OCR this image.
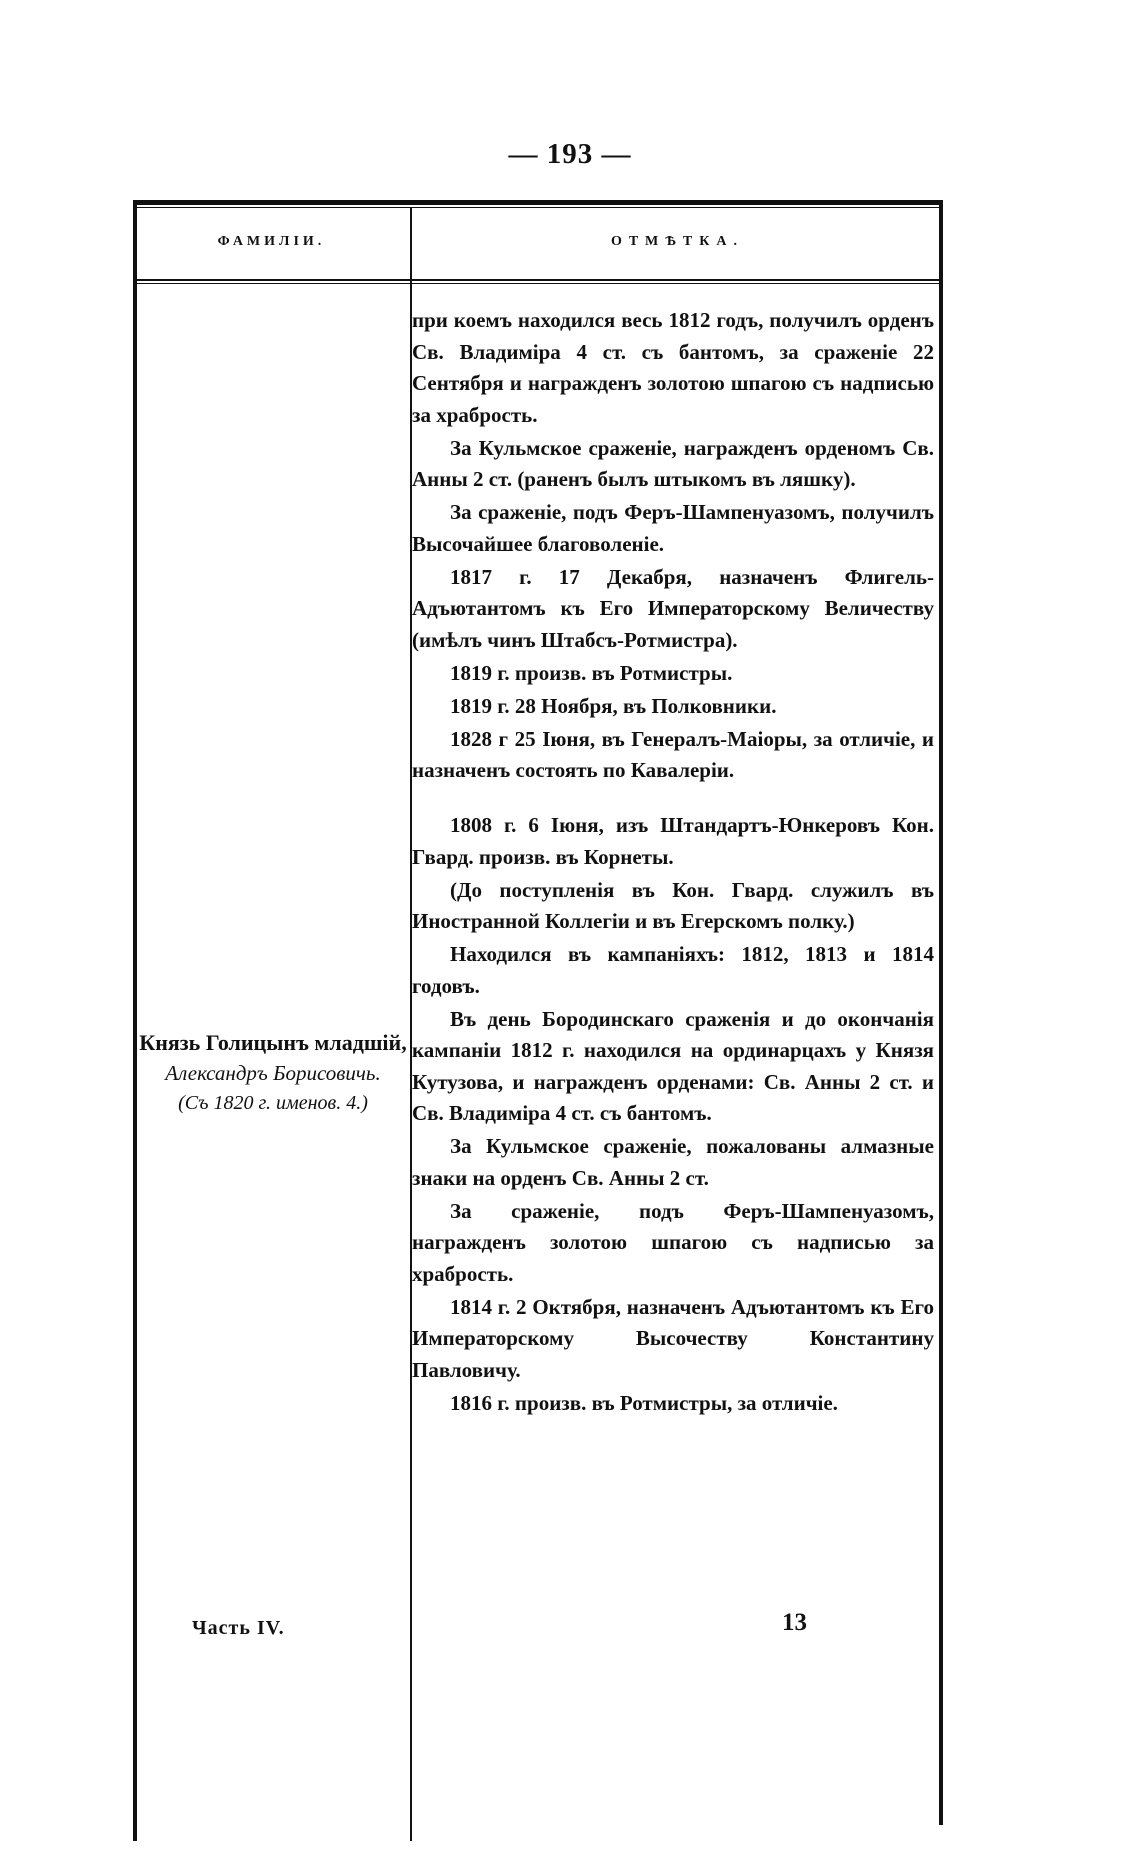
— 193 —
ФАМИЛІИ.	ОТМѢТКА.
Князь Голицынъ младшій,
Александръ Борисовичь.
(Съ 1820 г. именов. 4.)

при коемъ находился весь 1812 годъ, получилъ орденъ Св. Владиміра 4 ст. съ бантомъ, за сраженіе 22 Сентября и награжденъ золотою шпагою съ надписью за храбрость.

За Кульмское сраженіе, награжденъ орденомъ Св. Анны 2 ст. (раненъ былъ штыкомъ въ ляшку).

За сраженіе, подъ Феръ-Шампенуазомъ, получилъ Высочайшее благоволеніе.

1817 г. 17 Декабря, назначенъ Флигель-Адъютантомъ къ Его Императорскому Величеству (имѣлъ чинъ Штабсъ-Ротмистра).

1819 г. произв. въ Ротмистры.

1819 г. 28 Ноября, въ Полковники.

1828 г 25 Іюня, въ Генералъ-Маіоры, за отличіе, и назначенъ состоять по Кавалеріи.

1808 г. 6 Іюня, изъ Штандартъ-Юнкеровъ Кон. Гвард. произв. въ Корнеты.

(До поступленія въ Кон. Гвард. служилъ въ Иностранной Коллегіи и въ Егерскомъ полку.)

Находился въ кампаніяхъ: 1812, 1813 и 1814 годовъ.

Въ день Бородинскаго сраженія и до окончанія кампаніи 1812 г. находился на ординарцахъ у Князя Кутузова, и награжденъ орденами: Св. Анны 2 ст. и Св. Владиміра 4 ст. съ бантомъ.

За Кульмское сраженіе, пожалованы алмазные знаки на орденъ Св. Анны 2 ст.

За сраженіе, подъ Феръ-Шампенуазомъ, награжденъ золотою шпагою съ надписью за храбрость.

1814 г. 2 Октября, назначенъ Адъютантомъ къ Его Императорскому Высочеству Константину Павловичу.

1816 г. произв. въ Ротмистры, за отличіе.

Часть IV.	13
